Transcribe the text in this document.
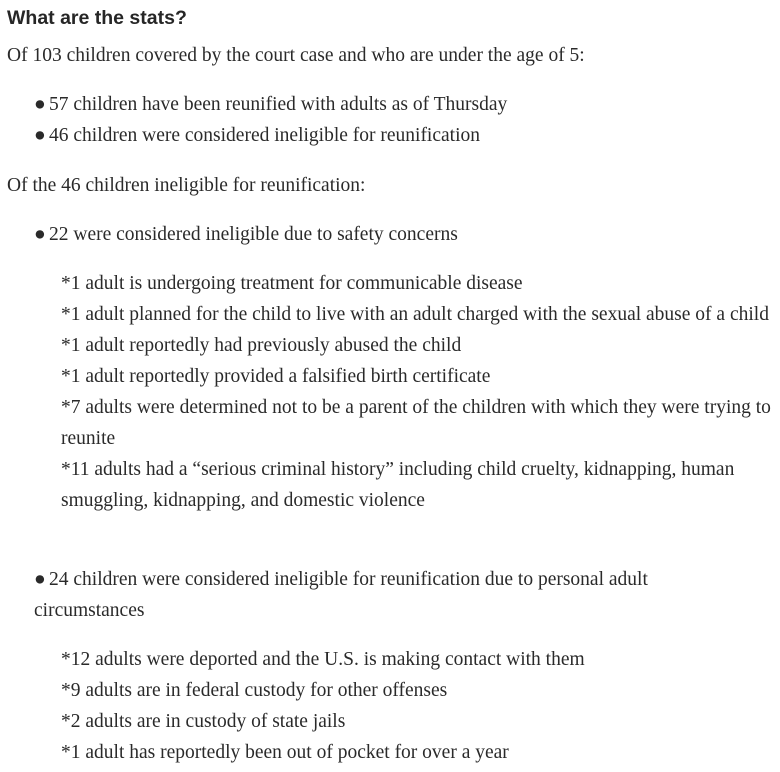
What are the stats?

Of 103 children covered by the court case and who are under the age of 5:

● 57 children have been reunified with adults as of Thursday
● 46 children were considered ineligible for reunification

Of the 46 children ineligible for reunification:

● 22 were considered ineligible due to safety concerns
*1 adult is undergoing treatment for communicable disease
*1 adult planned for the child to live with an adult charged with the sexual abuse of a child
*1 adult reportedly had previously abused the child
*1 adult reportedly provided a falsified birth certificate
*7 adults were determined not to be a parent of the children with which they were trying to reunite
*11 adults had a “serious criminal history” including child cruelty, kidnapping, human smuggling, kidnapping, and domestic violence
● 24 children were considered ineligible for reunification due to personal adult circumstances
*12 adults were deported and the U.S. is making contact with them
*9 adults are in federal custody for other offenses
*2 adults are in custody of state jails
*1 adult has reportedly been out of pocket for over a year
